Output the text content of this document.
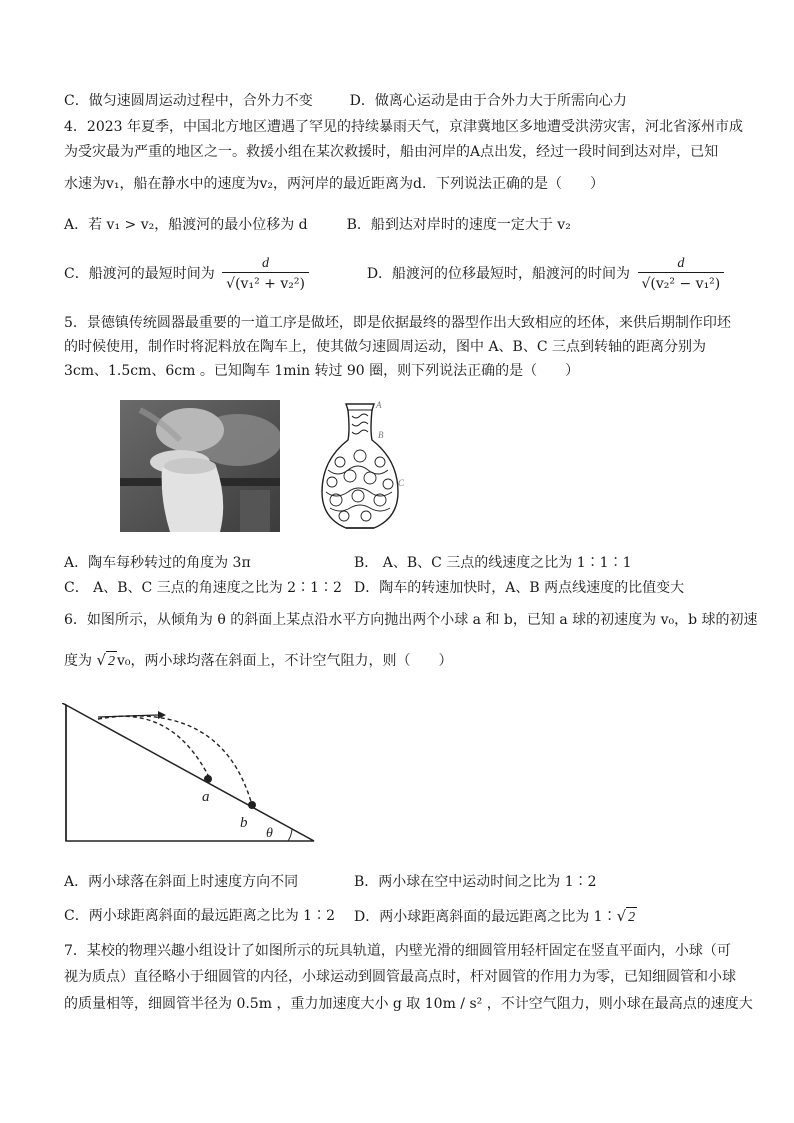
C．做匀速圆周运动过程中，合外力不变	D．做离心运动是由于合外力大于所需向心力
4．2023 年夏季，中国北方地区遭遇了罕见的持续暴雨天气，京津冀地区多地遭受洪涝灾害，河北省涿州市成
为受灾最为严重的地区之一。救援小组在某次救援时，船由河岸的A点出发，经过一段时间到达对岸，已知
水速为v₁，船在静水中的速度为v₂，两河岸的最近距离为d．下列说法正确的是（　　）
A．若 v₁ > v₂，船渡河的最小位移为 d	B．船到达对岸时的速度一定大于 v₂
C．船渡河的最短时间为 $\frac{d}{\text{√(v₁² + v₂²)}}$	D．船渡河的位移最短时，船渡河的时间为 $\frac{d}{\text{√(v₂² − v₁²)}}$
5．景德镇传统圆器最重要的一道工序是做坯，即是依据最终的器型作出大致相应的坯体，来供后期制作印坯
的时候使用，制作时将泥料放在陶车上，使其做匀速圆周运动，图中 A、B、C 三点到转轴的距离分别为
3cm、1.5cm、6cm 。已知陶车 1min 转过 90 圈，则下列说法正确的是（　　）
A
B
C
A．陶车每秒转过的角度为 3π	B． A、B、C 三点的线速度之比为 1∶1∶1
C． A、B、C 三点的角速度之比为 2∶1∶2 D．陶车的转速加快时，A、B 两点线速度的比值变大
6．如图所示，从倾角为 θ 的斜面上某点沿水平方向抛出两个小球 a 和 b，已知 a 球的初速度为 v₀，b 球的初速
度为 √ 2 v₀，两小球均落在斜面上，不计空气阻力，则（　　）
a
b
θ
A．两小球落在斜面上时速度方向不同	B．两小球在空中运动时间之比为 1∶2
C．两小球距离斜面的最远距离之比为 1∶2 D．两小球距离斜面的最远距离之比为 1∶√ 2
7．某校的物理兴趣小组设计了如图所示的玩具轨道，内壁光滑的细圆管用轻杆固定在竖直平面内，小球（可
视为质点）直径略小于细圆管的内径，小球运动到圆管最高点时，杆对圆管的作用力为零，已知细圆管和小球
的质量相等，细圆管半径为 0.5m ，重力加速度大小 g 取 10m / s² ，不计空气阻力，则小球在最高点的速度大
